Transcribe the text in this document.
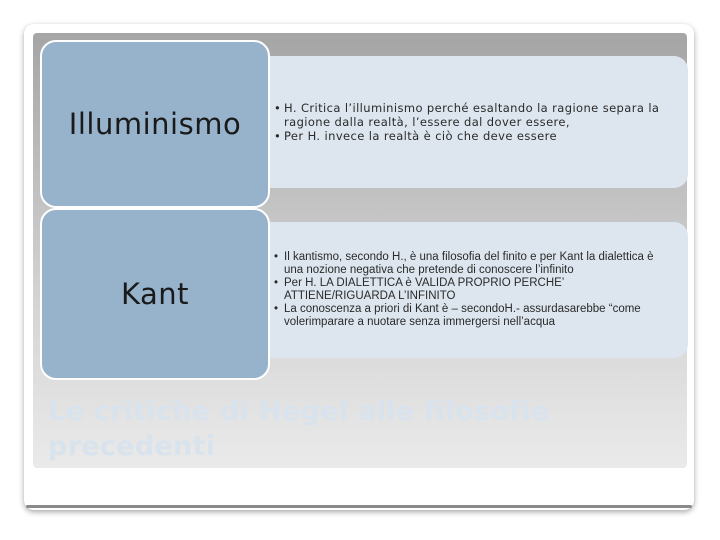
• H. Critica l’illuminismo perché esaltando la ragione separa la ragione dalla realtà, l’essere dal dover essere,
• Per H. invece la realtà è ciò che deve essere
Illuminismo
• Il kantismo, secondo H., è una filosofia del finito e per Kant la dialettica è una nozione negativa che pretende di conoscere l’infinito
• Per H. LA DIALETTICA è VALIDA PROPRIO PERCHE’ ATTIENE/RIGUARDA L’INFINITO
• La conoscenza a priori di Kant è – secondoH.- assurdasarebbe “come volerimparare a nuotare senza immergersi nell’acqua
Kant
Le critiche di Hegel alle filosofie precedenti
